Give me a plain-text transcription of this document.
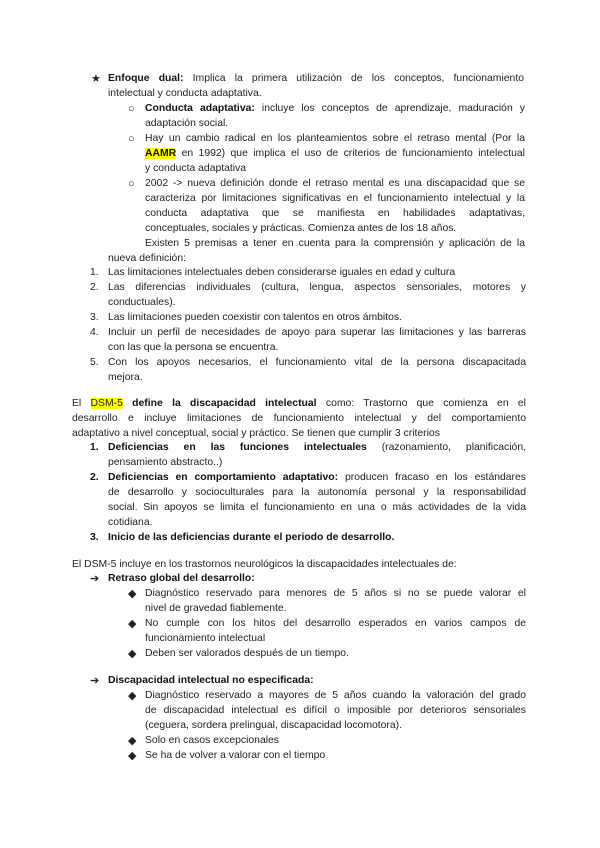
★ Enfoque dual: Implica la primera utilización de los conceptos, funcionamiento
intelectual y conducta adaptativa.
○ Conducta adaptativa: incluye los conceptos de aprendizaje, maduración y
adaptación social.
○ Hay un cambio radical en los planteamientos sobre el retraso mental (Por la
AAMR en 1992) que implica el uso de criterios de funcionamiento intelectual
y conducta adaptativa
○ 2002 -> nueva definición donde el retraso mental es una discapacidad que se
caracteriza por limitaciones significativas en el funcionamiento intelectual y la
conducta adaptativa que se manifiesta en habilidades adaptativas,
conceptuales, sociales y prácticas. Comienza antes de los 18 años.
Existen 5 premisas a tener en cuenta para la comprensión y aplicación de la
nueva definición:
1. Las limitaciones intelectuales deben considerarse iguales en edad y cultura
2. Las diferencias individuales (cultura, lengua, aspectos sensoriales, motores y
conductuales).
3. Las limitaciones pueden coexistir con talentos en otros ámbitos.
4. Incluir un perfil de necesidades de apoyo para superar las limitaciones y las barreras
con las que la persona se encuentra.
5. Con los apoyos necesarios, el funcionamiento vital de la persona discapacitada
mejora.
El DSM-5 define la discapacidad intelectual como: Trastorno que comienza en el
desarrollo e incluye limitaciones de funcionamiento intelectual y del comportamiento
adaptativo a nivel conceptual, social y práctico. Se tienen que cumplir 3 criterios
1. Deficiencias en las funciones intelectuales (razonamiento, planificación,
pensamiento abstracto..)
2. Deficiencias en comportamiento adaptativo: producen fracaso en los estándares
de desarrollo y socioculturales para la autonomía personal y la responsabilidad
social. Sin apoyos se limita el funcionamiento en una o más actividades de la vida
cotidiana.
3. Inicio de las deficiencias durante el periodo de desarrollo.
El DSM-5 incluye en los trastornos neurológicos la discapacidades intelectuales de:
➔ Retraso global del desarrollo:
◆ Diagnóstico reservado para menores de 5 años si no se puede valorar el
nivel de gravedad fiablemente.
◆ No cumple con los hitos del desarrollo esperados en varios campos de
funcionamiento intelectual
◆ Deben ser valorados después de un tiempo.
➔ Discapacidad intelectual no especificada:
◆ Diagnóstico reservado a mayores de 5 años cuando la valoración del grado
de discapacidad intelectual es difícil o imposible por deterioros sensoriales
(ceguera, sordera prelingual, discapacidad locomotora).
◆ Solo en casos excepcionales
◆ Se ha de volver a valorar con el tiempo
